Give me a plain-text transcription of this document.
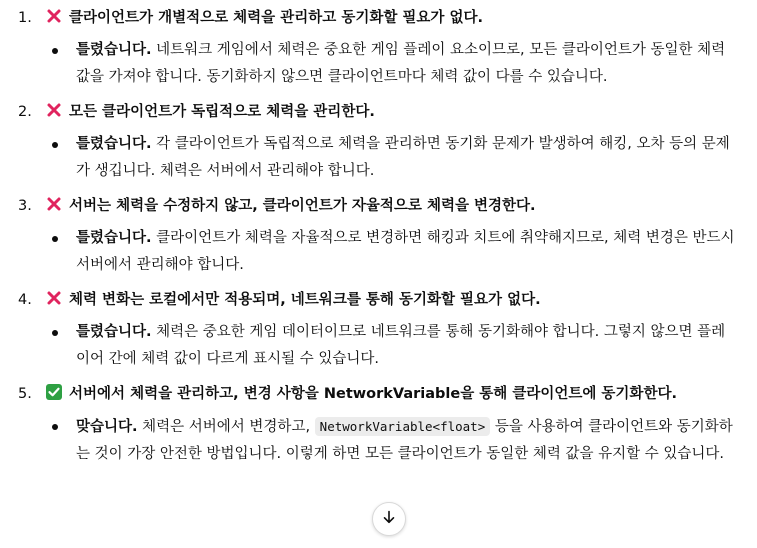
1.	클라이언트가 개별적으로 체력을 관리하고 동기화할 필요가 없다.
틀렸습니다. 네트워크 게임에서 체력은 중요한 게임 플레이 요소이므로, 모든 클라이언트가 동일한 체력 값을 가져야 합니다. 동기화하지 않으면 클라이언트마다 체력 값이 다를 수 있습니다.
2.	모든 클라이언트가 독립적으로 체력을 관리한다.
틀렸습니다. 각 클라이언트가 독립적으로 체력을 관리하면 동기화 문제가 발생하여 해킹, 오차 등의 문제가 생깁니다. 체력은 서버에서 관리해야 합니다.
3.	서버는 체력을 수정하지 않고, 클라이언트가 자율적으로 체력을 변경한다.
틀렸습니다. 클라이언트가 체력을 자율적으로 변경하면 해킹과 치트에 취약해지므로, 체력 변경은 반드시 서버에서 관리해야 합니다.
4.	체력 변화는 로컬에서만 적용되며, 네트워크를 통해 동기화할 필요가 없다.
틀렸습니다. 체력은 중요한 게임 데이터이므로 네트워크를 통해 동기화해야 합니다. 그렇지 않으면 플레이어 간에 체력 값이 다르게 표시될 수 있습니다.
5.	서버에서 체력을 관리하고, 변경 사항을 NetworkVariable을 통해 클라이언트에 동기화한다.
맞습니다. 체력은 서버에서 변경하고, NetworkVariable<float> 등을 사용하여 클라이언트와 동기화하는 것이 가장 안전한 방법입니다. 이렇게 하면 모든 클라이언트가 동일한 체력 값을 유지할 수 있습니다.
